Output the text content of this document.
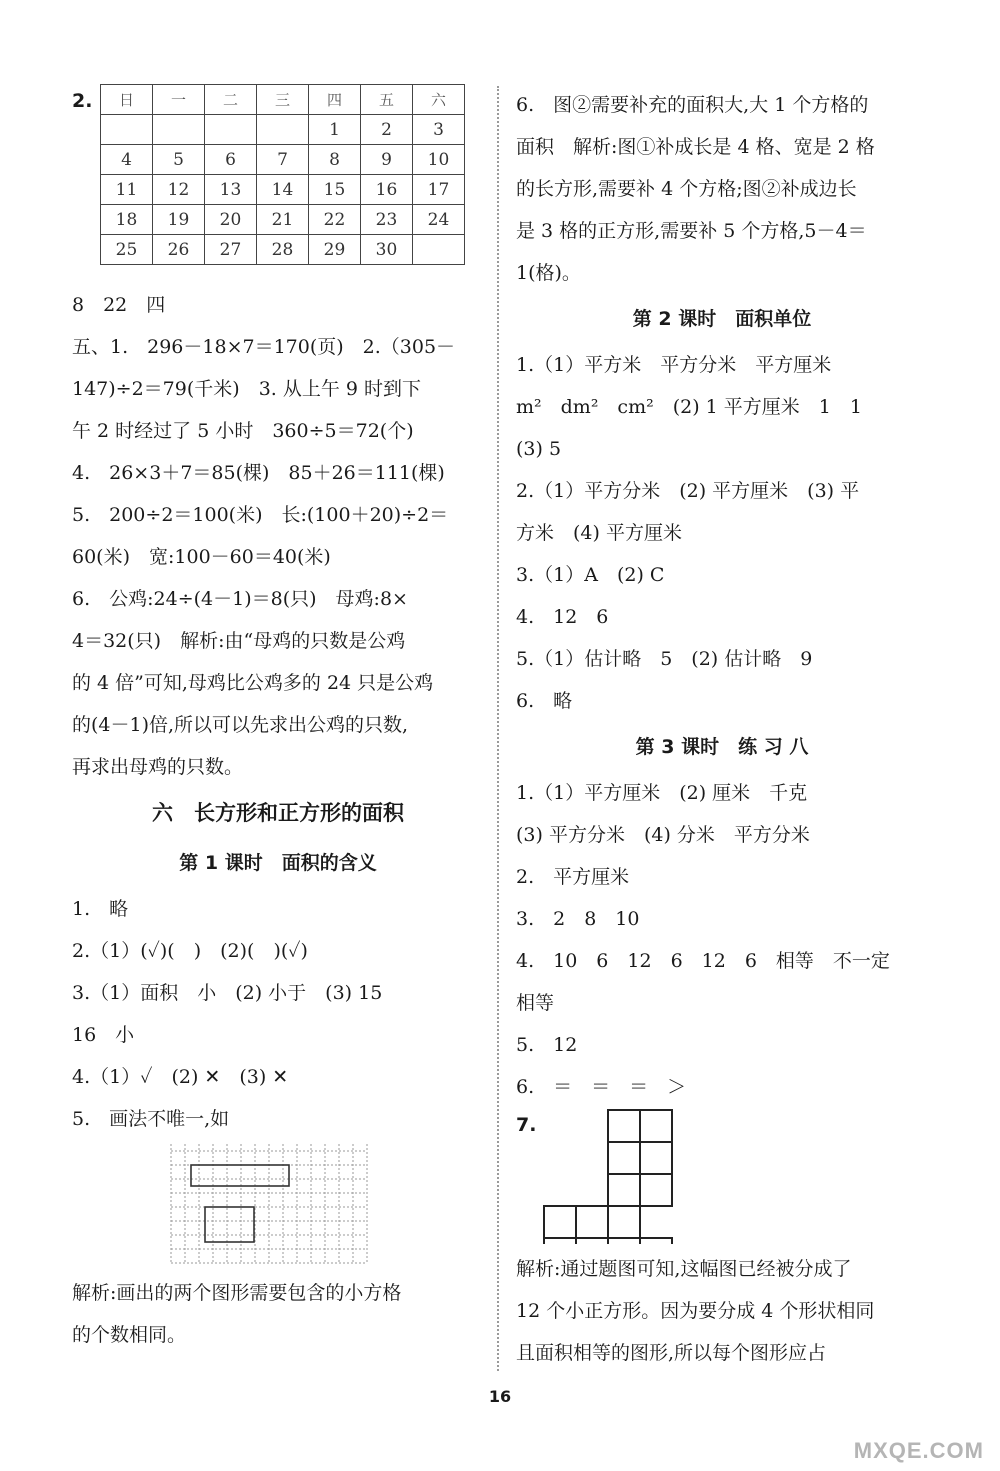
2.	日	一	二	三	四	五	六
				1	2	3
4	5	6	7	8	9	10
11	12	13	14	15	16	17
18	19	20	21	22	23	24
25	26	27	28	29	30	
8　22　四
五、1.　296－18×7＝170(页)　2.（305－
147)÷2＝79(千米)　3. 从上午 9 时到下
午 2 时经过了 5 小时　360÷5＝72(个)
4.　26×3＋7＝85(棵)　85＋26＝111(棵)
5.　200÷2＝100(米)　长:(100＋20)÷2＝
60(米)　宽:100－60＝40(米)
6.　公鸡:24÷(4－1)＝8(只)　母鸡:8×
4＝32(只)　解析:由“母鸡的只数是公鸡
的 4 倍”可知,母鸡比公鸡多的 24 只是公鸡
的(4－1)倍,所以可以先求出公鸡的只数,
再求出母鸡的只数。
六　长方形和正方形的面积
第 1 课时　面积的含义
1.　略
2.（1）(✓)(　)　(2)(　)(✓)
3.（1）面积　小　(2) 小于　(3) 15
16　小
4.（1）✓　(2) ✕　(3) ✕
5.　画法不唯一,如
解析:画出的两个图形需要包含的小方格
的个数相同。
6.　图②需要补充的面积大,大 1 个方格的
面积　解析:图①补成长是 4 格、宽是 2 格
的长方形,需要补 4 个方格;图②补成边长
是 3 格的正方形,需要补 5 个方格,5－4＝
1(格)。
第 2 课时　面积单位
1.（1）平方米　平方分米　平方厘米
m²　dm²　cm²　(2) 1 平方厘米　1　1
(3) 5
2.（1）平方分米　(2) 平方厘米　(3) 平
方米　(4) 平方厘米
3.（1）A　(2) C
4.　12　6
5.（1）估计略　5　(2) 估计略　9
6.　略
第 3 课时　练 习 八
1.（1）平方厘米　(2) 厘米　千克
(3) 平方分米　(4) 分米　平方分米
2.　平方厘米
3.　2　8　10
4.　10　6　12　6　12　6　相等　不一定
相等
5.　12
6.　＝　＝　＝　＞
7.
解析:通过题图可知,这幅图已经被分成了
12 个小正方形。因为要分成 4 个形状相同
且面积相等的图形,所以每个图形应占
16
MXQE.COM
